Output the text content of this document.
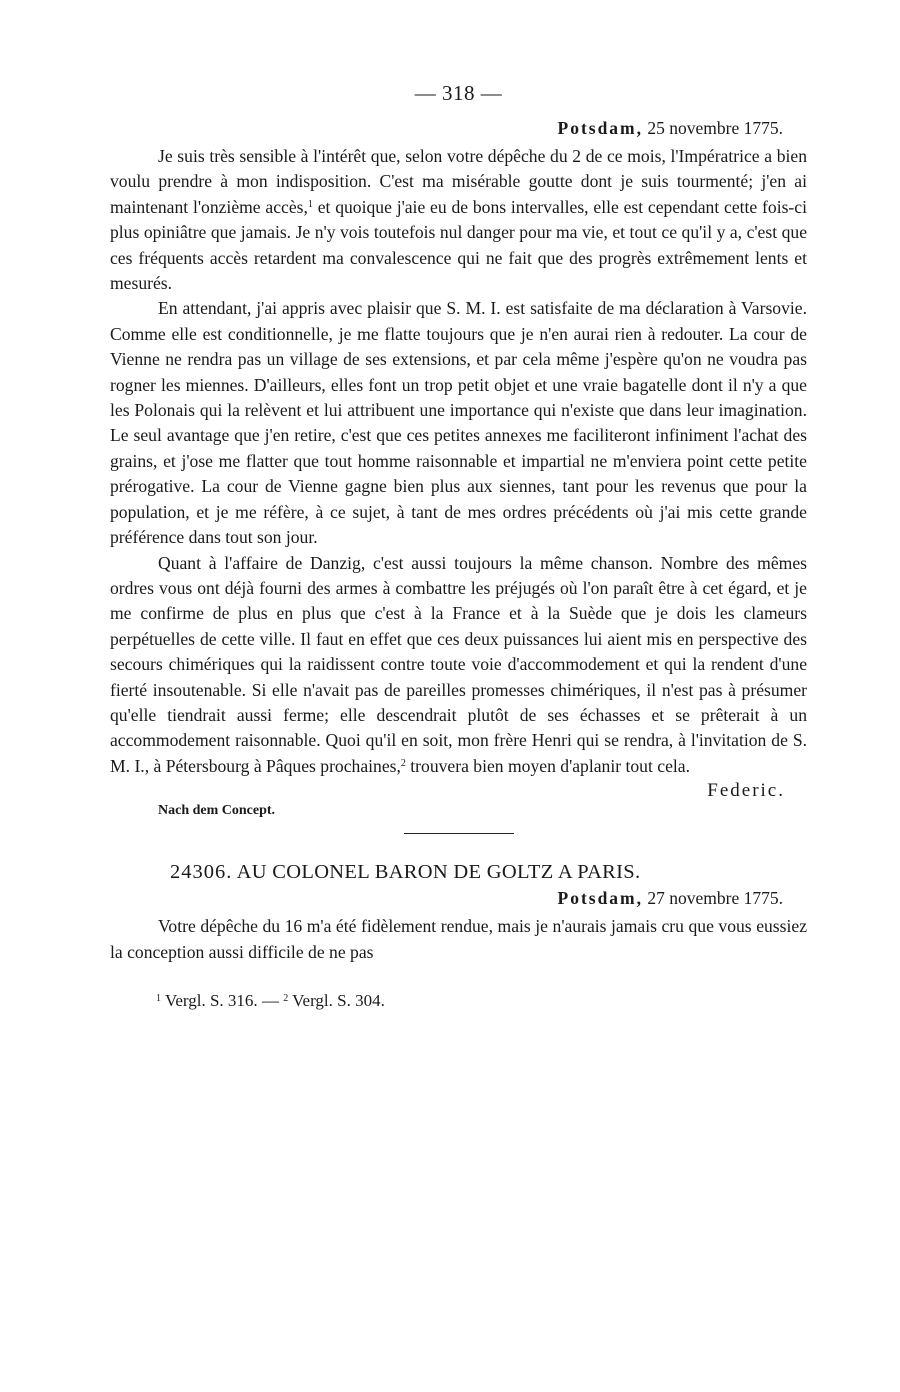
— 318 —
Potsdam, 25 novembre 1775.

Je suis très sensible à l'intérêt que, selon votre dépêche du 2 de ce mois, l'Impératrice a bien voulu prendre à mon indisposition. C'est ma misérable goutte dont je suis tourmenté; j'en ai maintenant l'onzième accès,$^1$ et quoique j'aie eu de bons intervalles, elle est cependant cette fois-ci plus opiniâtre que jamais. Je n'y vois toutefois nul danger pour ma vie, et tout ce qu'il y a, c'est que ces fréquents accès retardent ma convalescence qui ne fait que des progrès extrêmement lents et mesurés.

En attendant, j'ai appris avec plaisir que S. M. I. est satisfaite de ma déclaration à Varsovie. Comme elle est conditionnelle, je me flatte toujours que je n'en aurai rien à redouter. La cour de Vienne ne rendra pas un village de ses extensions, et par cela même j'espère qu'on ne voudra pas rogner les miennes. D'ailleurs, elles font un trop petit objet et une vraie bagatelle dont il n'y a que les Polonais qui la relèvent et lui attribuent une importance qui n'existe que dans leur imagination. Le seul avantage que j'en retire, c'est que ces petites annexes me faciliteront infiniment l'achat des grains, et j'ose me flatter que tout homme raisonnable et impartial ne m'enviera point cette petite prérogative. La cour de Vienne gagne bien plus aux siennes, tant pour les revenus que pour la population, et je me réfère, à ce sujet, à tant de mes ordres précédents où j'ai mis cette grande préférence dans tout son jour.

Quant à l'affaire de Danzig, c'est aussi toujours la même chanson. Nombre des mêmes ordres vous ont déjà fourni des armes à combattre les préjugés où l'on paraît être à cet égard, et je me confirme de plus en plus que c'est à la France et à la Suède que je dois les clameurs perpétuelles de cette ville. Il faut en effet que ces deux puissances lui aient mis en perspective des secours chimériques qui la raidissent contre toute voie d'accommodement et qui la rendent d'une fierté insoutenable. Si elle n'avait pas de pareilles promesses chimériques, il n'est pas à présumer qu'elle tiendrait aussi ferme; elle descendrait plutôt de ses échasses et se prêterait à un accommodement raisonnable. Quoi qu'il en soit, mon frère Henri qui se rendra, à l'invitation de S. M. I., à Pétersbourg à Pâques prochaines,$^2$ trouvera bien moyen d'aplanir tout cela.

Federic.
Nach dem Concept.
24306. AU COLONEL BARON DE GOLTZ A PARIS.
Potsdam, 27 novembre 1775.

Votre dépêche du 16 m'a été fidèlement rendue, mais je n'aurais jamais cru que vous eussiez la conception aussi difficile de ne pas

$^1$ Vergl. S. 316. — $^2$ Vergl. S. 304.
